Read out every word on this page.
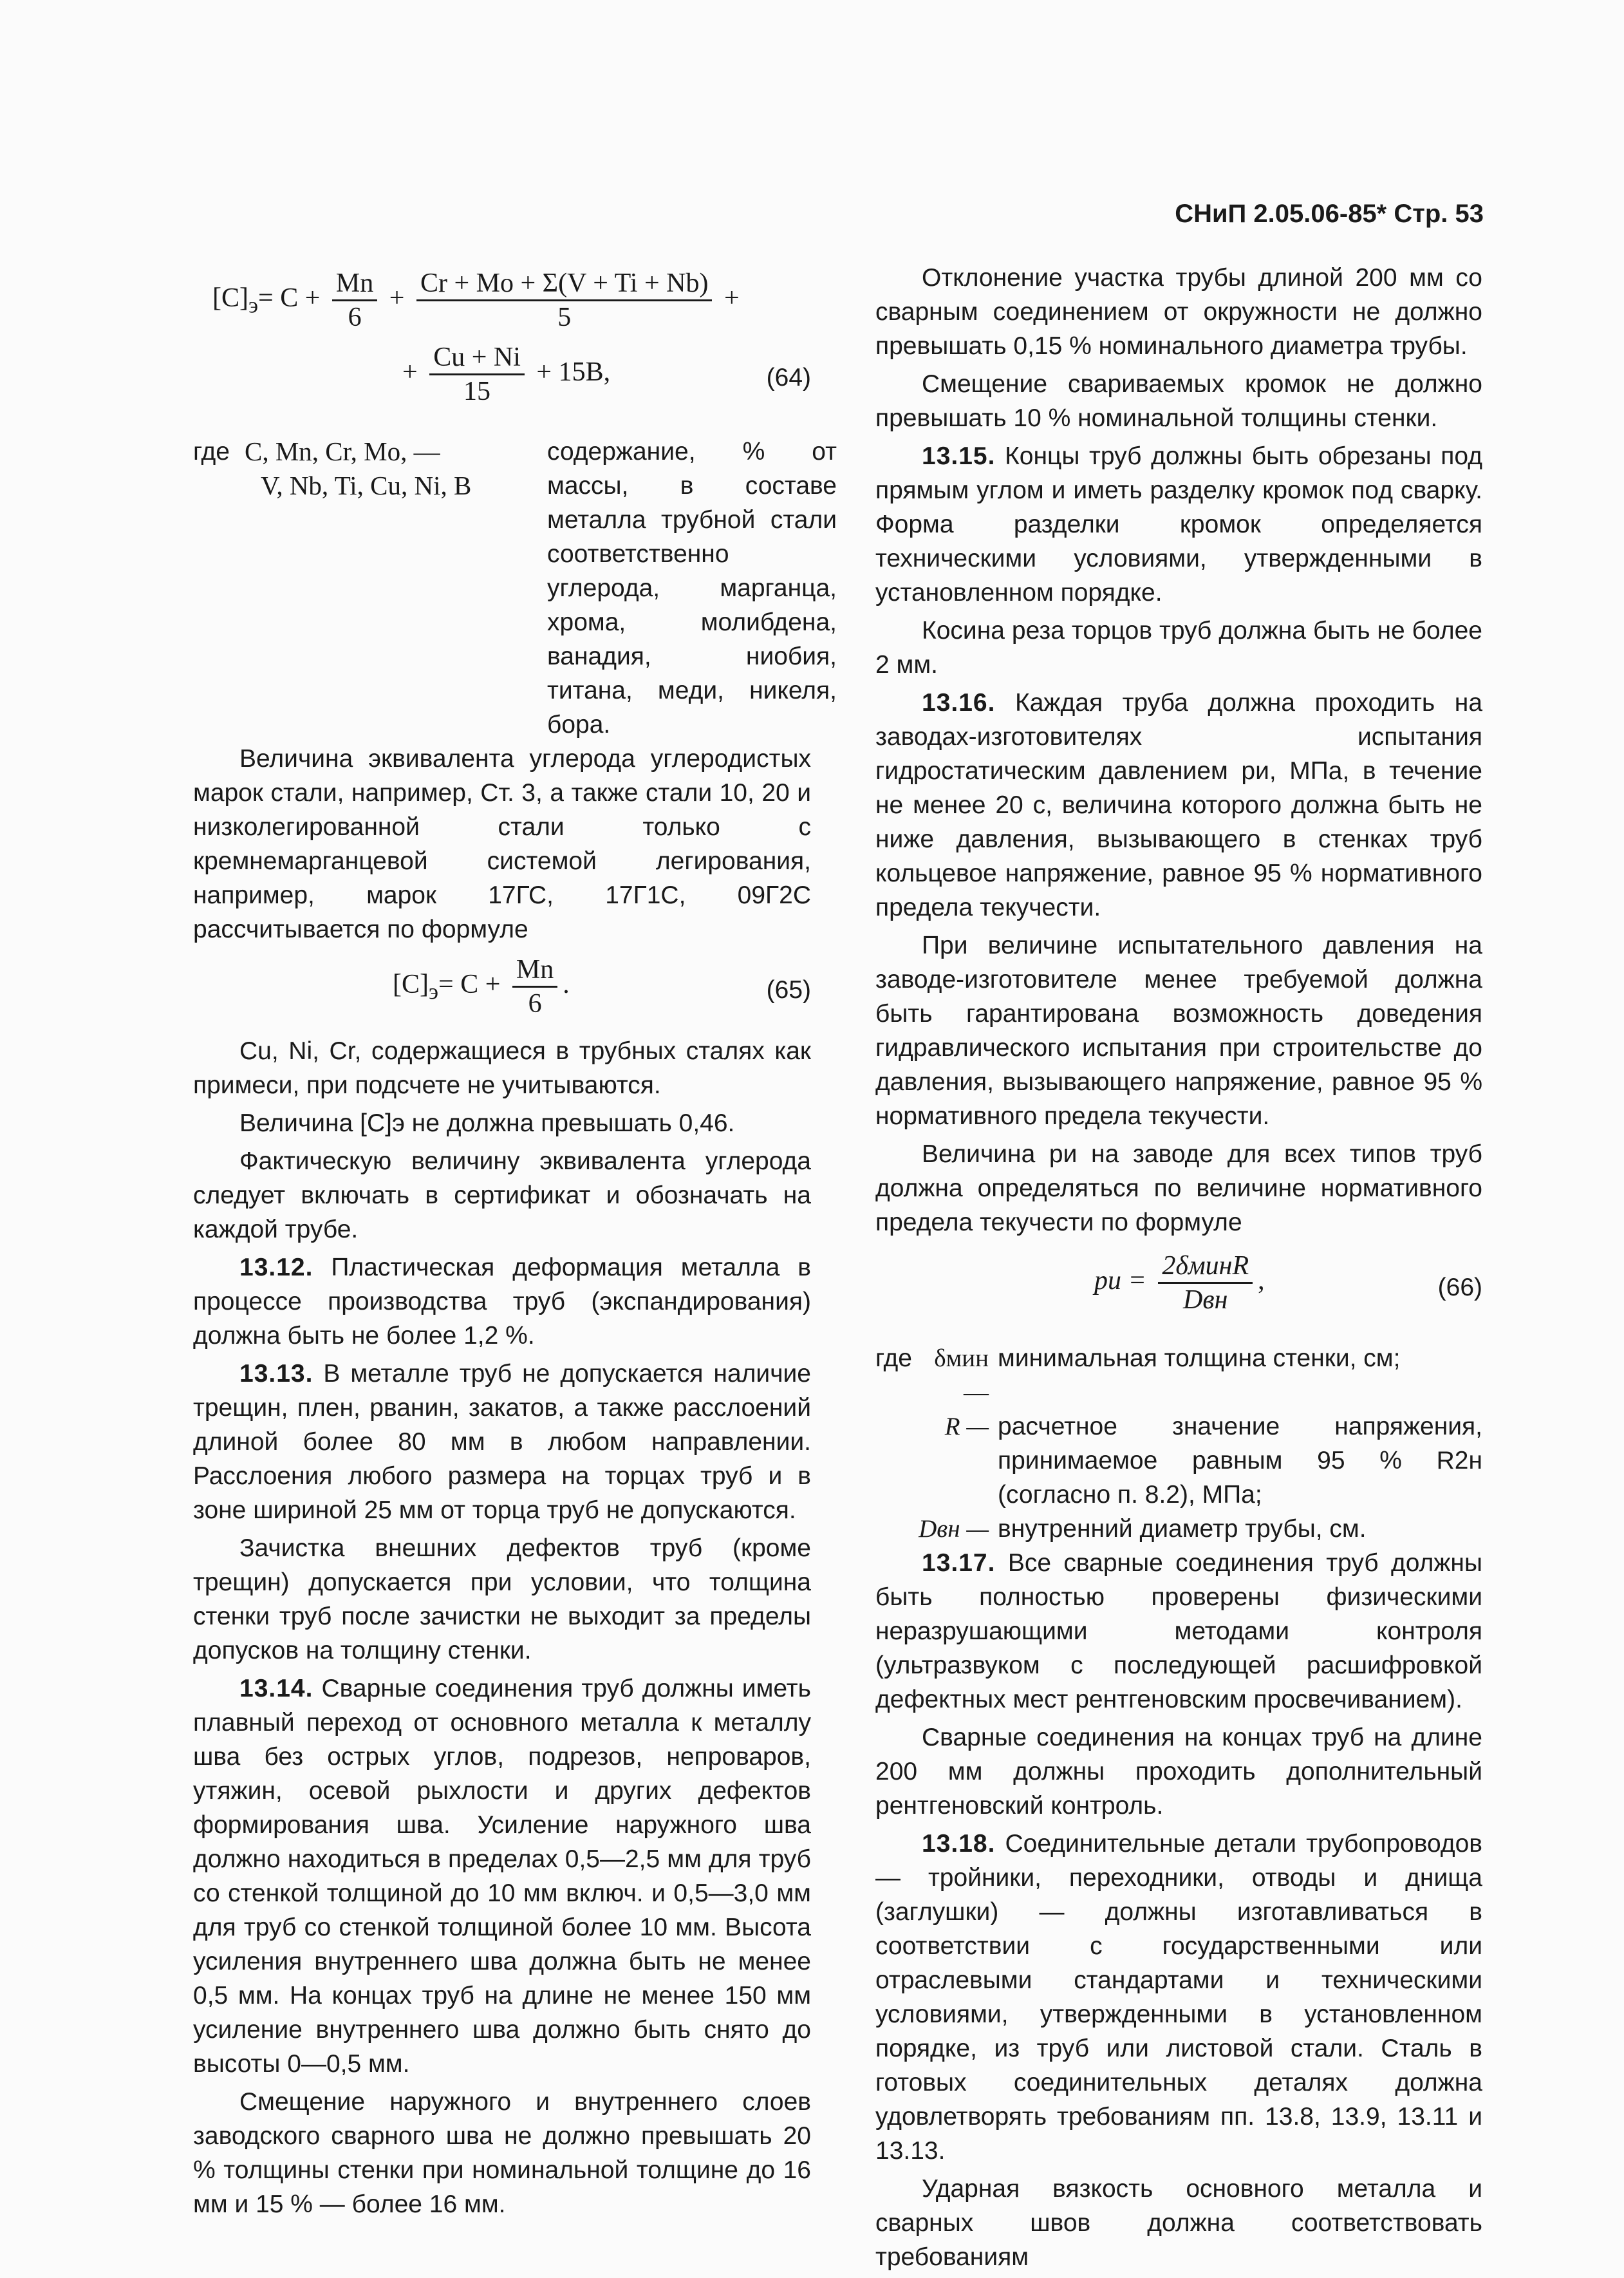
СНиП 2.05.06-85* Стр. 53
$[C]_э= C + \frac{Mn}{6} + \frac{Cr + Mo + \Sigma(V + Ti + Nb)}{5}$ +
+ $\frac{Cu + Ni}{15} + 15B$,	(64)
где C, Mn, Cr, Mo, —
V, Nb, Ti, Cu, Ni, B
содержание, % от массы, в составе металла трубной стали соответственно углерода, марганца, хрома, молибдена, ванадия, ниобия, титана, меди, никеля, бора.

Величина эквивалента углерода углеродистых марок стали, например, Ст. 3, а также стали 10, 20 и низколегированной стали только с кремнемарганцевой системой легирования, например, марок 17ГС, 17Г1С, 09Г2С рассчитывается по формуле

$[C]_э= C + \frac{Mn}{6}$ .	(65)

Cu, Ni, Cr, содержащиеся в трубных сталях как примеси, при подсчете не учитываются.

Величина [C]э не должна превышать 0,46.

Фактическую величину эквивалента углерода следует включать в сертификат и обозначать на каждой трубе.

13.12. Пластическая деформация металла в процессе производства труб (экспандирования) должна быть не более 1,2 %.

13.13. В металле труб не допускается наличие трещин, плен, рванин, закатов, а также расслоений длиной более 80 мм в любом направлении. Расслоения любого размера на торцах труб и в зоне шириной 25 мм от торца труб не допускаются.

Зачистка внешних дефектов труб (кроме трещин) допускается при условии, что толщина стенки труб после зачистки не выходит за пределы допусков на толщину стенки.

13.14. Сварные соединения труб должны иметь плавный переход от основного металла к металлу шва без острых углов, подрезов, непроваров, утяжин, осевой рыхлости и других дефектов формирования шва. Усиление наружного шва должно находиться в пределах 0,5—2,5 мм для труб со стенкой толщиной до 10 мм включ. и 0,5—3,0 мм для труб со стенкой толщиной более 10 мм. Высота усиления внутреннего шва должна быть не менее 0,5 мм. На концах труб на длине не менее 150 мм усиление внутреннего шва должно быть снято до высоты 0—0,5 мм.

Смещение наружного и внутреннего слоев заводского сварного шва не должно превышать 20 % толщины стенки при номинальной толщине до 16 мм и 15 % — более 16 мм.

Отклонение участка трубы длиной 200 мм со сварным соединением от окружности не должно превышать 0,15 % номинального диаметра трубы.

Смещение свариваемых кромок не должно превышать 10 % номинальной толщины стенки.

13.15. Концы труб должны быть обрезаны под прямым углом и иметь разделку кромок под сварку. Форма разделки кромок определяется техническими условиями, утвержденными в установленном порядке.

Косина реза торцов труб должна быть не более 2 мм.

13.16. Каждая труба должна проходить на заводах-изготовителях испытания гидростатическим давлением pи, МПа, в течение не менее 20 с, величина которого должна быть не ниже давления, вызывающего в стенках труб кольцевое напряжение, равное 95 % нормативного предела текучести.

При величине испытательного давления на заводе-изготовителе менее требуемой должна быть гарантирована возможность доведения гидравлического испытания при строительстве до давления, вызывающего напряжение, равное 95 % нормативного предела текучести.

Величина pи на заводе для всех типов труб должна определяться по величине нормативного предела текучести по формуле

pи = $\frac{\text{2δминR}}{\text{Dвн}}$ ,	(66)
где δмин —
минимальная толщина стенки, см;
R — расчетное значение напряжения, принимаемое равным 95 % R2н (согласно п. 8.2), МПа;
Dвн — внутренний диаметр трубы, см.

13.17. Все сварные соединения труб должны быть полностью проверены физическими неразрушающими методами контроля (ультразвуком с последующей расшифровкой дефектных мест рентгеновским просвечиванием).

Сварные соединения на концах труб на длине 200 мм должны проходить дополнительный рентгеновский контроль.

13.18. Соединительные детали трубопроводов — тройники, переходники, отводы и днища (заглушки) — должны изготавливаться в соответствии с государственными или отраслевыми стандартами и техническими условиями, утвержденными в установленном порядке, из труб или листовой стали. Сталь в готовых соединительных деталях должна удовлетворять требованиям пп. 13.8, 13.9, 13.11 и 13.13.

Ударная вязкость основного металла и сварных швов должна соответствовать требованиям
